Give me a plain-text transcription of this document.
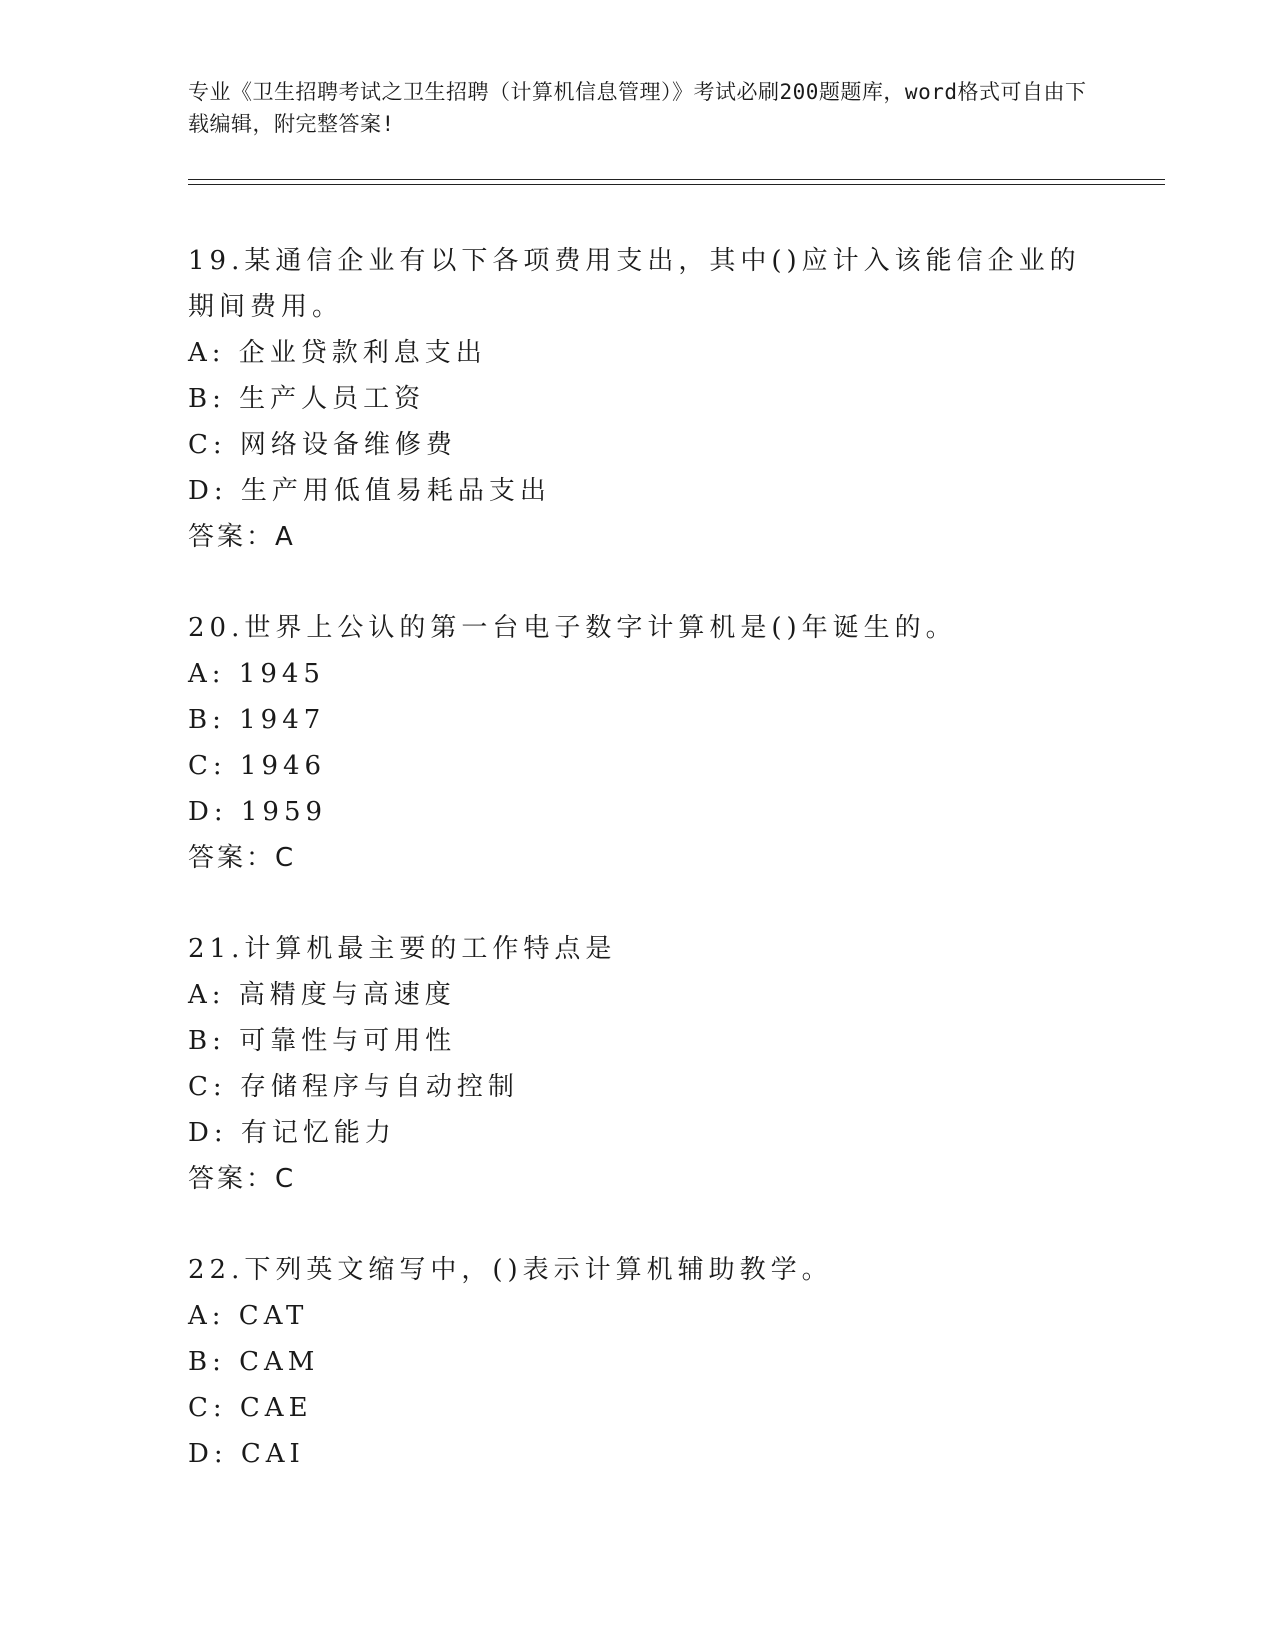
专业《卫生招聘考试之卫生招聘（计算机信息管理）》考试必刷200题题库，word格式可自由下载编辑，附完整答案!
19.某通信企业有以下各项费用支出，其中()应计入该能信企业的期间费用。
A: 企业贷款利息支出
B: 生产人员工资
C: 网络设备维修费
D: 生产用低值易耗品支出
答案：A
20.世界上公认的第一台电子数字计算机是()年诞生的。
A: 1945
B: 1947
C: 1946
D: 1959
答案：C
21.计算机最主要的工作特点是
A: 高精度与高速度
B: 可靠性与可用性
C: 存储程序与自动控制
D: 有记忆能力
答案：C
22.下列英文缩写中，()表示计算机辅助教学。
A: CAT
B: CAM
C: CAE
D: CAI
